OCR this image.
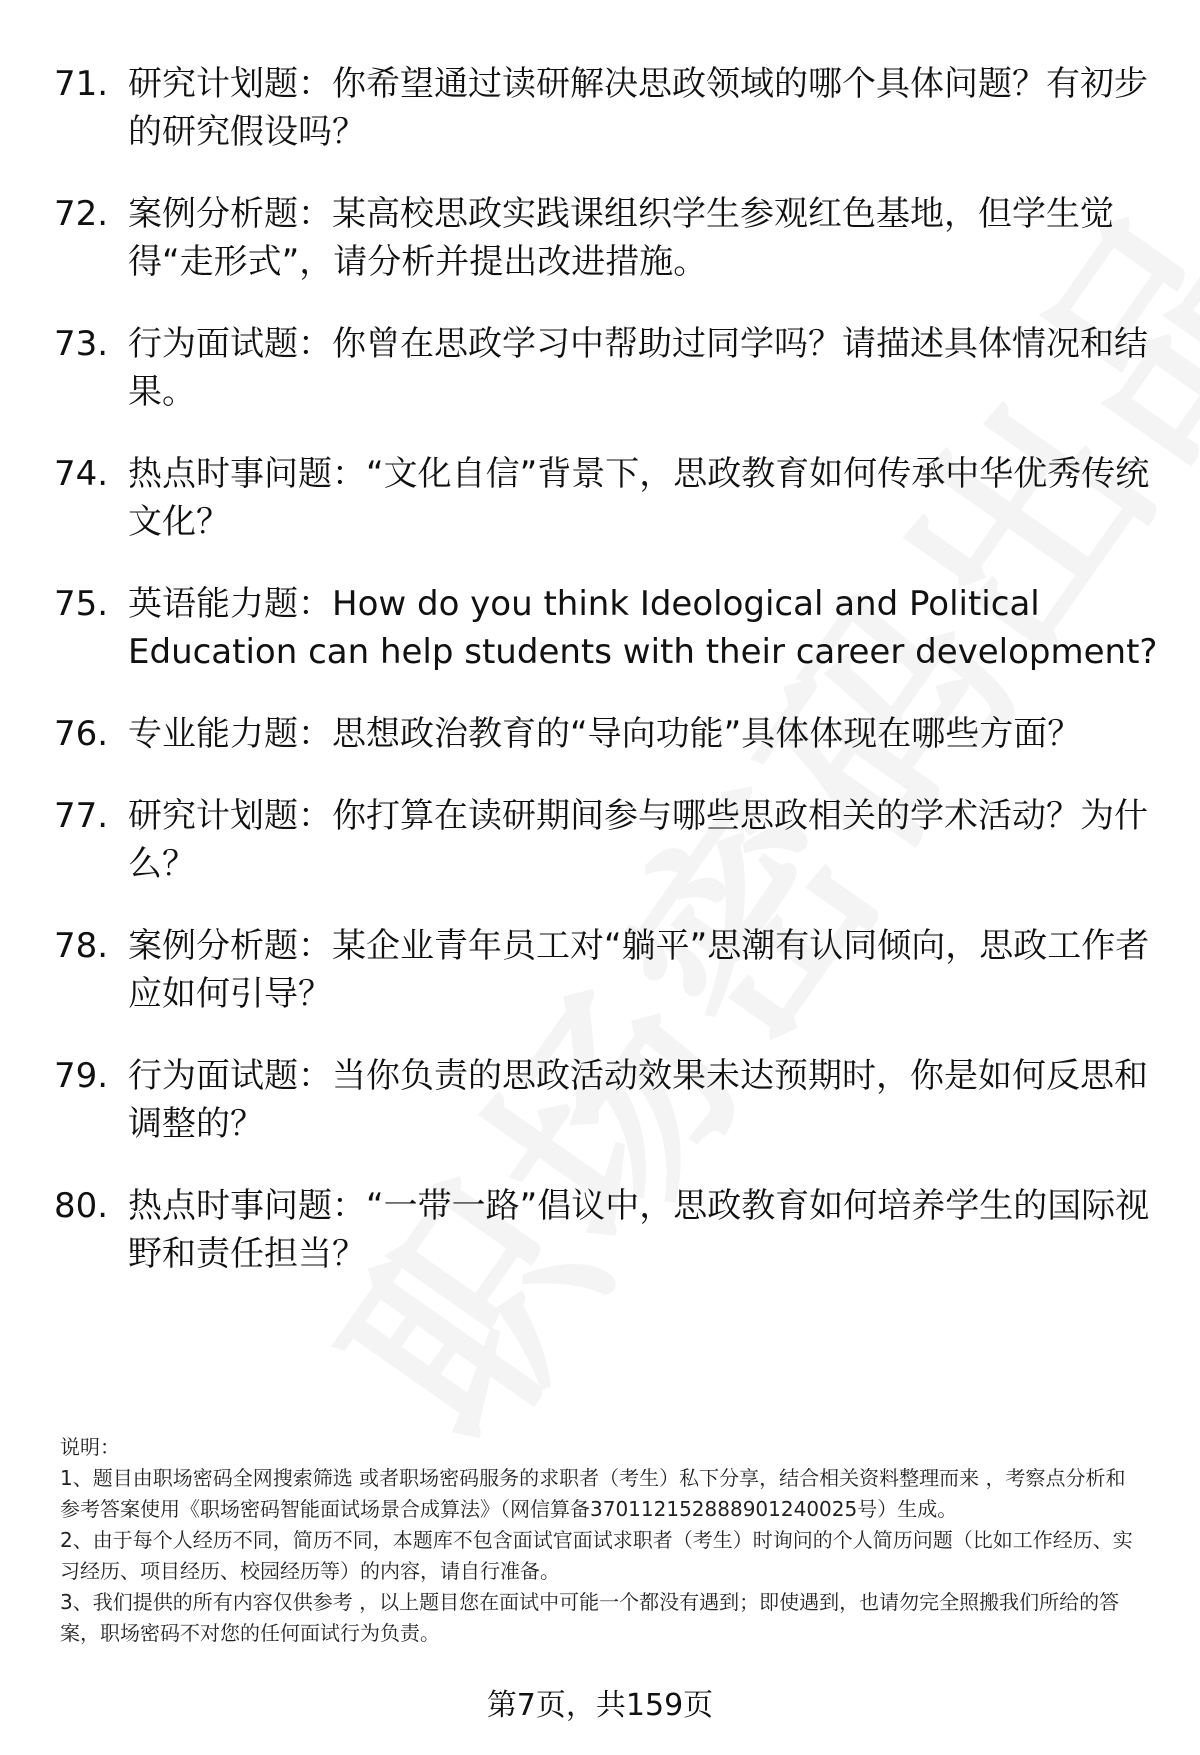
71. 研究计划题：你希望通过读研解决思政领域的哪个具体问题？有初步的研究假设吗？
72. 案例分析题：某高校思政实践课组织学生参观红色基地，但学生觉得“走形式”，请分析并提出改进措施。
73. 行为面试题：你曾在思政学习中帮助过同学吗？请描述具体情况和结果。
74. 热点时事问题：“文化自信”背景下，思政教育如何传承中华优秀传统文化？
75. 英语能力题：How do you think Ideological and Political Education can help students with their career development?
76. 专业能力题：思想政治教育的“导向功能”具体体现在哪些方面？
77. 研究计划题：你打算在读研期间参与哪些思政相关的学术活动？为什么？
78. 案例分析题：某企业青年员工对“躺平”思潮有认同倾向，思政工作者应如何引导？
79. 行为面试题：当你负责的思政活动效果未达预期时，你是如何反思和调整的？
80. 热点时事问题：“一带一路”倡议中，思政教育如何培养学生的国际视野和责任担当？

说明：

1、题目由职场密码全网搜索筛选 或者职场密码服务的求职者（考生）私下分享，结合相关资料整理而来 ，考察点分析和参考答案使用《职场密码智能面试场景合成算法》（网信算备370112152888901240025号）生成。

2、由于每个人经历不同，简历不同，本题库不包含面试官面试求职者（考生）时询问的个人简历问题（比如工作经历、实习经历、项目经历、校园经历等）的内容，请自行准备。

3、我们提供的所有内容仅供参考 ，以上题目您在面试中可能一个都没有遇到；即使遇到，也请勿完全照搬我们所给的答案，职场密码不对您的任何面试行为负责。

第7页，共159页
